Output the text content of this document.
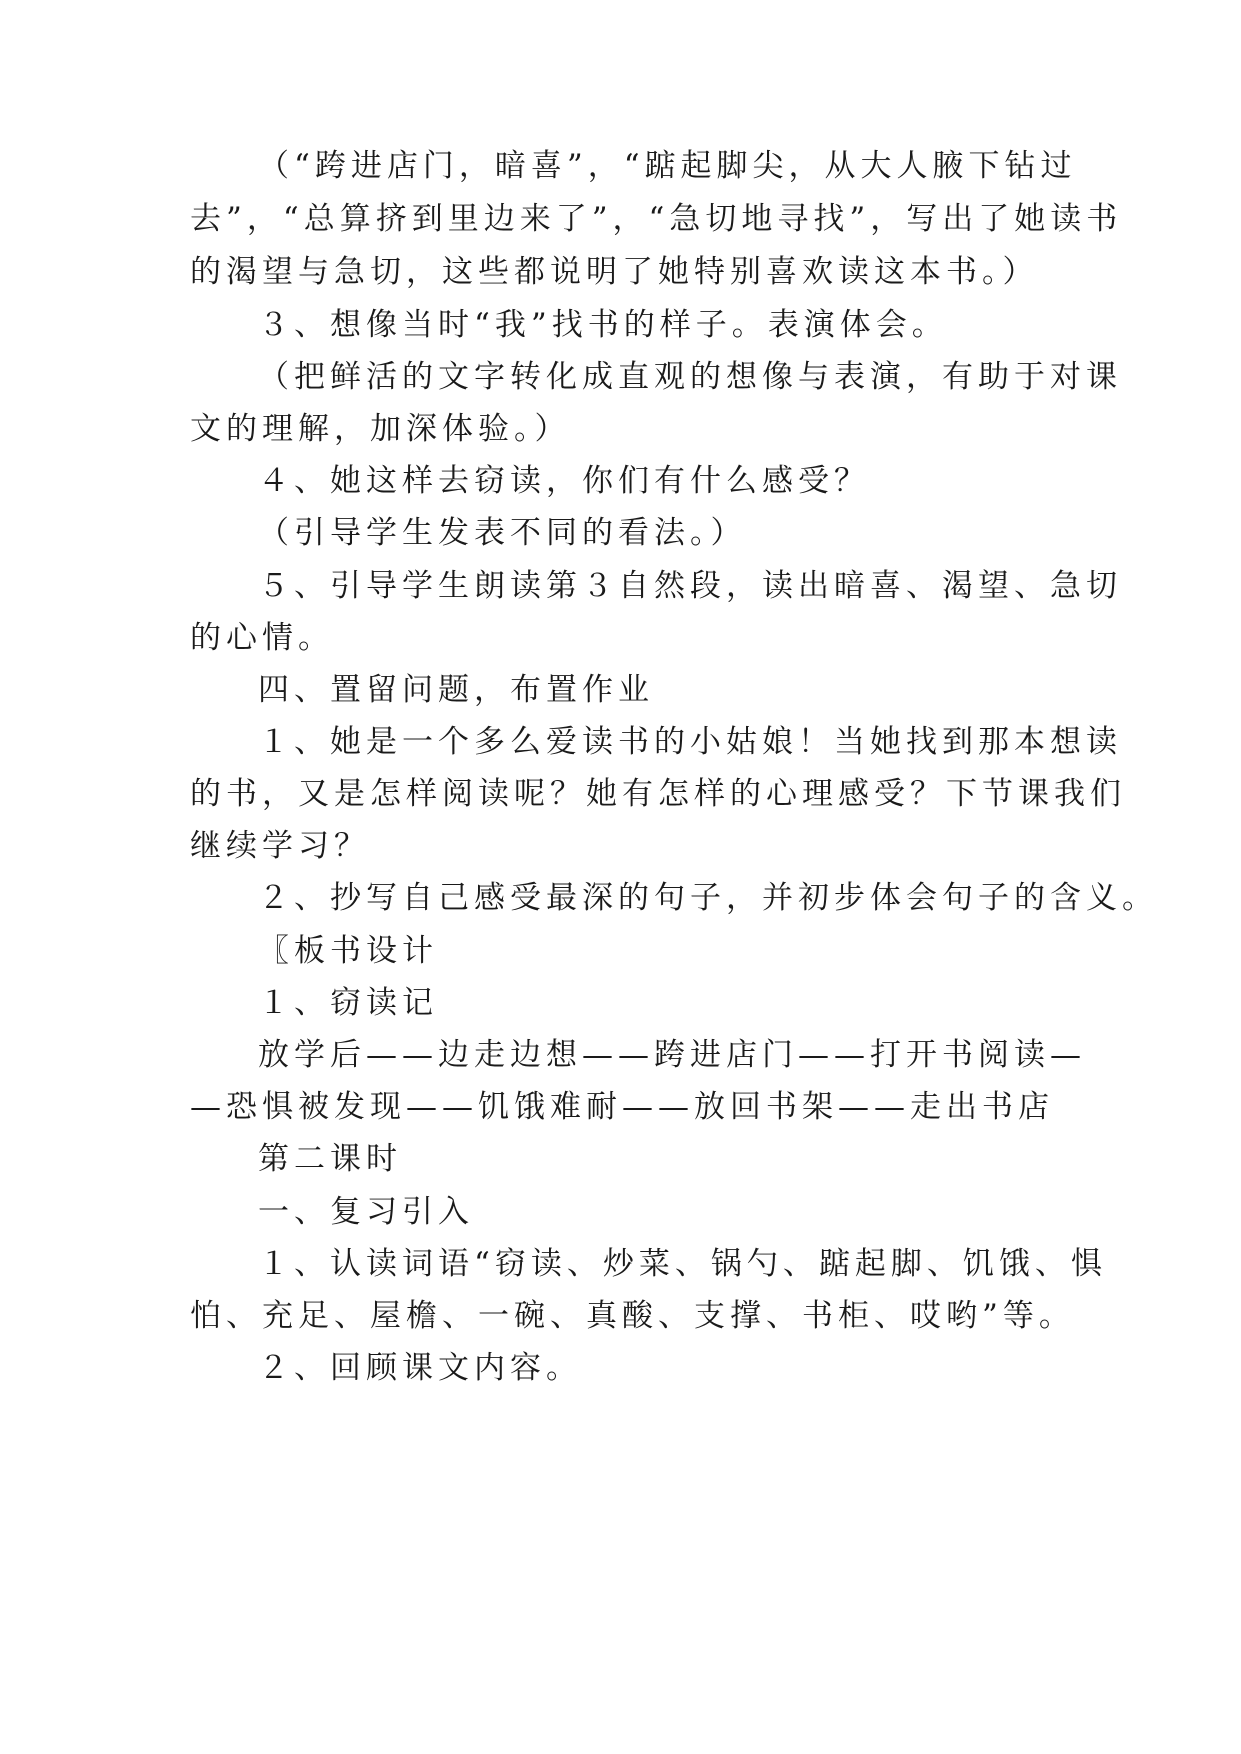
（“跨进店门，暗喜”，“踮起脚尖，从大人腋下钻过
去”，“总算挤到里边来了”，“急切地寻找”，写出了她读书
的渴望与急切，这些都说明了她特别喜欢读这本书。）
３、想像当时“我”找书的样子。表演体会。
（把鲜活的文字转化成直观的想像与表演，有助于对课
文的理解，加深体验。）
４、她这样去窃读，你们有什么感受？
（引导学生发表不同的看法。）
５、引导学生朗读第３自然段，读出暗喜、渴望、急切
的心情。
四、置留问题，布置作业
１、她是一个多么爱读书的小姑娘！当她找到那本想读
的书，又是怎样阅读呢？她有怎样的心理感受？下节课我们
继续学习？
２、抄写自己感受最深的句子，并初步体会句子的含义。
〖板书设计
１、窃读记
放学后——边走边想——跨进店门——打开书阅读—
—恐惧被发现——饥饿难耐——放回书架——走出书店
第二课时
一、复习引入
１、认读词语“窃读、炒菜、锅勺、踮起脚、饥饿、惧
怕、充足、屋檐、一碗、真酸、支撑、书柜、哎哟”等。
２、回顾课文内容。
